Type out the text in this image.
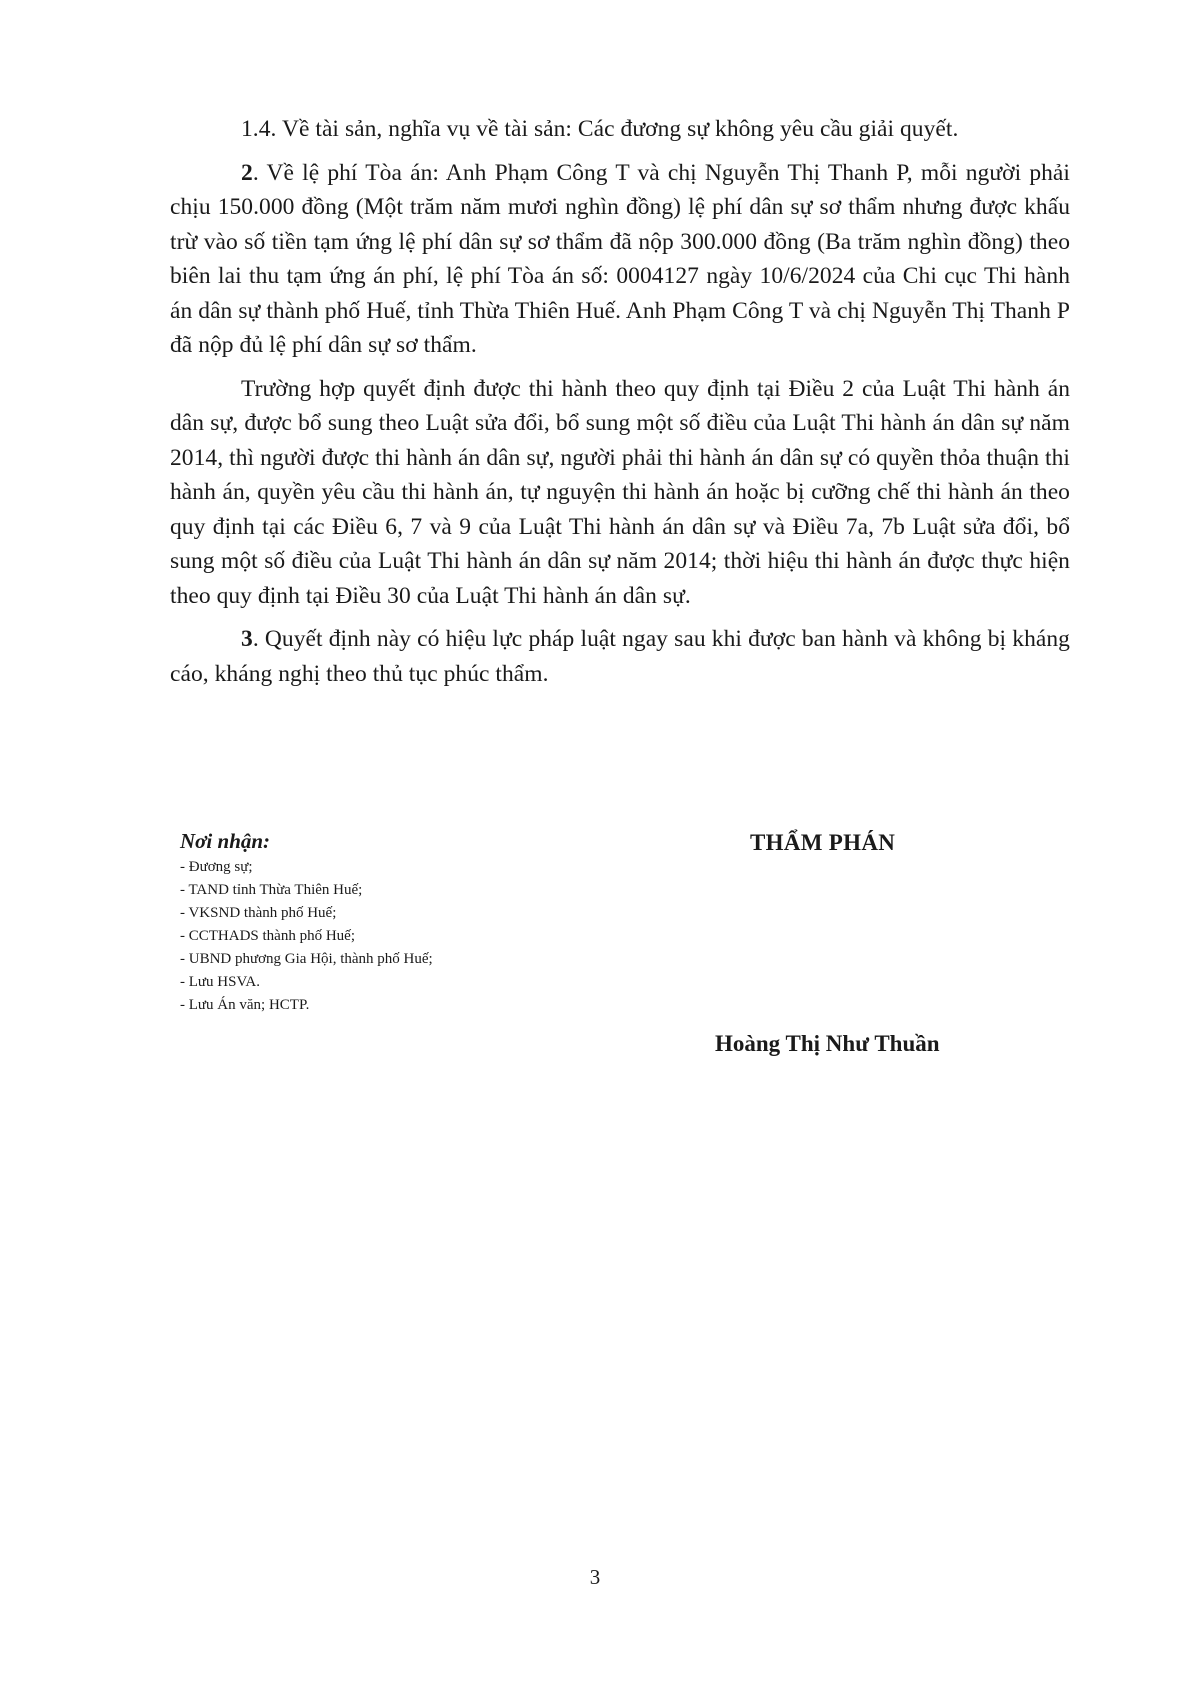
1.4. Về tài sản, nghĩa vụ về tài sản: Các đương sự không yêu cầu giải quyết.

2. Về lệ phí Tòa án: Anh Phạm Công T và chị Nguyễn Thị Thanh P, mỗi người phải chịu 150.000 đồng (Một trăm năm mươi nghìn đồng) lệ phí dân sự sơ thẩm nhưng được khấu trừ vào số tiền tạm ứng lệ phí dân sự sơ thẩm đã nộp 300.000 đồng (Ba trăm nghìn đồng) theo biên lai thu tạm ứng án phí, lệ phí Tòa án số: 0004127 ngày 10/6/2024 của Chi cục Thi hành án dân sự thành phố Huế, tỉnh Thừa Thiên Huế. Anh Phạm Công T và chị Nguyễn Thị Thanh P đã nộp đủ lệ phí dân sự sơ thẩm.

Trường hợp quyết định được thi hành theo quy định tại Điều 2 của Luật Thi hành án dân sự, được bổ sung theo Luật sửa đổi, bổ sung một số điều của Luật Thi hành án dân sự năm 2014, thì người được thi hành án dân sự, người phải thi hành án dân sự có quyền thỏa thuận thi hành án, quyền yêu cầu thi hành án, tự nguyện thi hành án hoặc bị cưỡng chế thi hành án theo quy định tại các Điều 6, 7 và 9 của Luật Thi hành án dân sự và Điều 7a, 7b Luật sửa đổi, bổ sung một số điều của Luật Thi hành án dân sự năm 2014; thời hiệu thi hành án được thực hiện theo quy định tại Điều 30 của Luật Thi hành án dân sự.

3. Quyết định này có hiệu lực pháp luật ngay sau khi được ban hành và không bị kháng cáo, kháng nghị theo thủ tục phúc thẩm.

Nơi nhận:

- Đương sự;
- TAND tỉnh Thừa Thiên Huế;
- VKSND thành phố Huế;
- CCTHADS thành phố Huế;
- UBND phương Gia Hội, thành phố Huế;
- Lưu HSVA.
- Lưu Án văn; HCTP.
THẨM PHÁN
Hoàng Thị Như Thuần
3
